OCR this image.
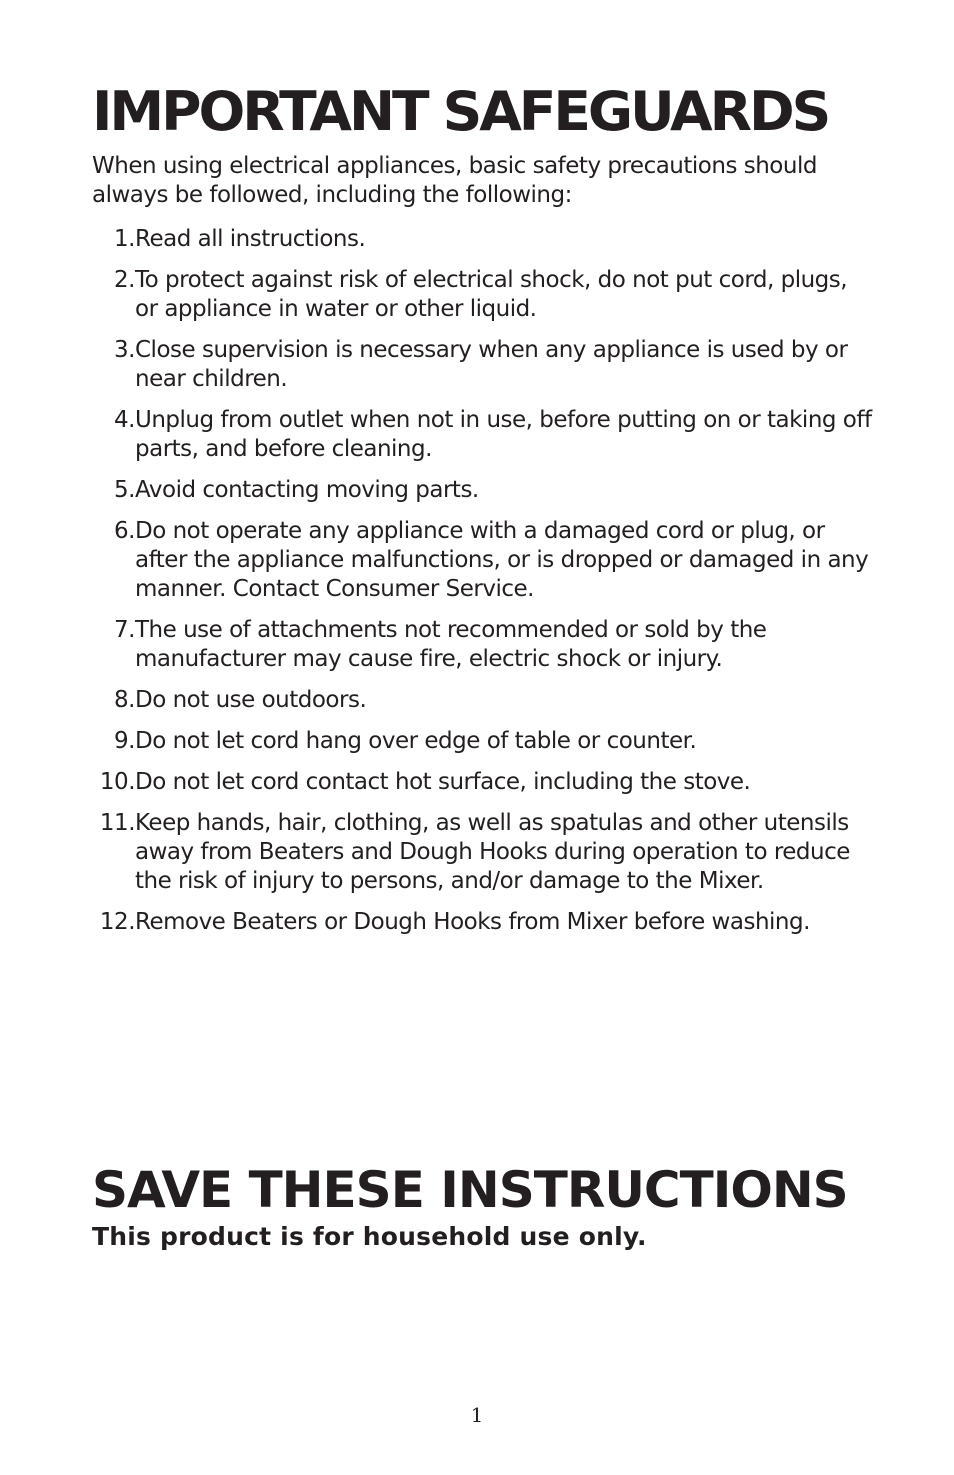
IMPORTANT SAFEGUARDS

When using electrical appliances, basic safety precautions should always be followed, including the following:

1. Read all instructions.
2. To protect against risk of electrical shock, do not put cord, plugs, or appliance in water or other liquid.
3. Close supervision is necessary when any appliance is used by or near children.
4. Unplug from outlet when not in use, before putting on or taking off parts, and before cleaning.
5. Avoid contacting moving parts.
6. Do not operate any appliance with a damaged cord or plug, or after the appliance malfunctions, or is dropped or damaged in any manner. Contact Consumer Service.
7. The use of attachments not recommended or sold by the manufacturer may cause fire, electric shock or injury.
8. Do not use outdoors.
9. Do not let cord hang over edge of table or counter.
10. Do not let cord contact hot surface, including the stove.
11. Keep hands, hair, clothing, as well as spatulas and other utensils away from Beaters and Dough Hooks during operation to reduce the risk of injury to persons, and/or damage to the Mixer.
12. Remove Beaters or Dough Hooks from Mixer before washing.
SAVE THESE INSTRUCTIONS

This product is for household use only.

1
